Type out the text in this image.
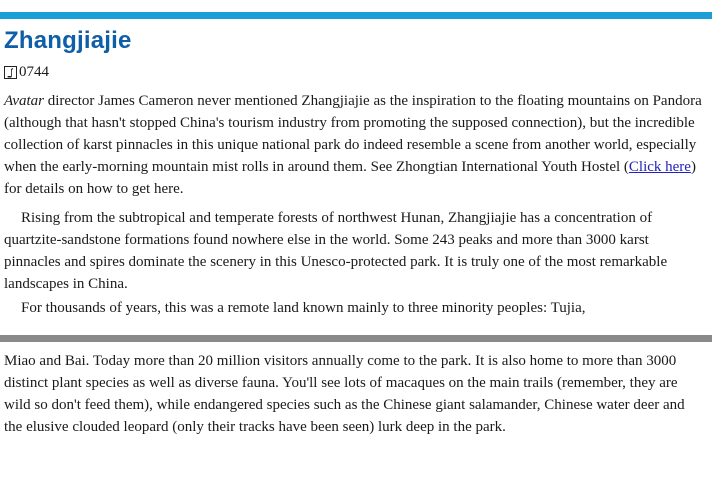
Zhangjiajie
0744
Avatar director James Cameron never mentioned Zhangjiajie as the inspiration to the floating mountains on Pandora (although that hasn't stopped China's tourism industry from promoting the supposed connection), but the incredible collection of karst pinnacles in this unique national park do indeed resemble a scene from another world, especially when the early-morning mountain mist rolls in around them. See Zhongtian International Youth Hostel (Click here) for details on how to get here.

Rising from the subtropical and temperate forests of northwest Hunan, Zhangjiajie has a concentration of quartzite-sandstone formations found nowhere else in the world. Some 243 peaks and more than 3000 karst pinnacles and spires dominate the scenery in this Unesco-protected park. It is truly one of the most remarkable landscapes in China.

For thousands of years, this was a remote land known mainly to three minority peoples: Tujia,

Miao and Bai. Today more than 20 million visitors annually come to the park. It is also home to more than 3000 distinct plant species as well as diverse fauna. You'll see lots of macaques on the main trails (remember, they are wild so don't feed them), while endangered species such as the Chinese giant salamander, Chinese water deer and the elusive clouded leopard (only their tracks have been seen) lurk deep in the park.
